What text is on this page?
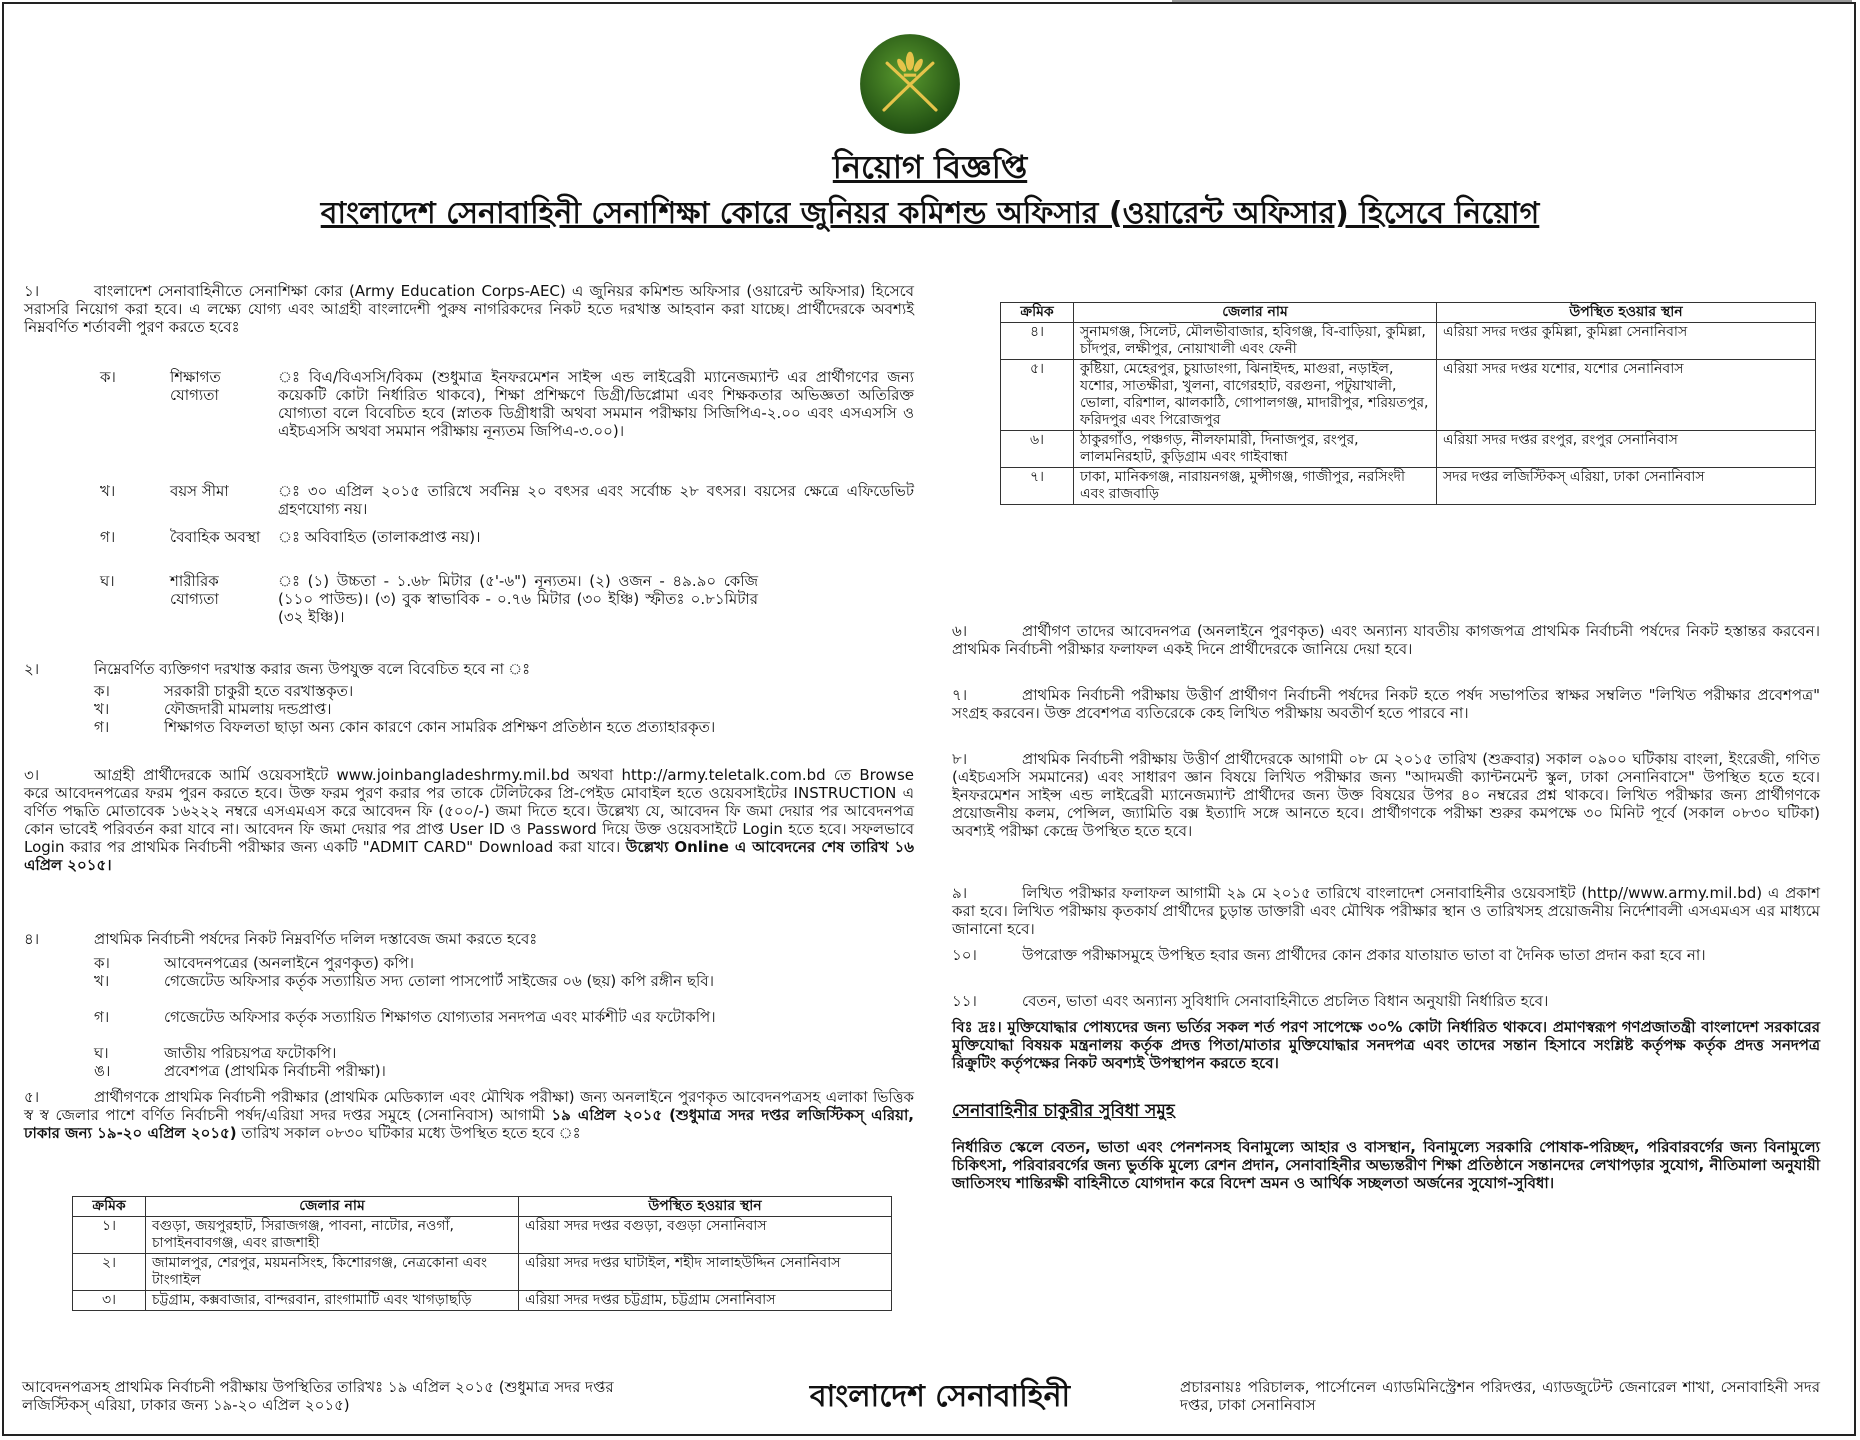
নিয়োগ বিজ্ঞপ্তি
বাংলাদেশ সেনাবাহিনী সেনাশিক্ষা কোরে জুনিয়র কমিশন্ড অফিসার (ওয়ারেন্ট অফিসার) হিসেবে নিয়োগ
১।	বাংলাদেশ সেনাবাহিনীতে সেনাশিক্ষা কোর (Army Education Corps-AEC) এ জুনিয়র কমিশন্ড অফিসার (ওয়ারেন্ট অফিসার) হিসেবে সরাসরি নিয়োগ করা হবে। এ লক্ষ্যে যোগ্য এবং আগ্রহী বাংলাদেশী পুরুষ নাগরিকদের নিকট হতে দরখাস্ত আহবান করা যাচ্ছে। প্রার্থীদেরকে অবশ্যই নিম্নবর্ণিত শর্তাবলী পুরণ করতে হবেঃ
ক।	শিক্ষাগত যোগ্যতা
ঃ বিএ/বিএসসি/বিকম (শুধুমাত্র ইনফরমেশন সাইন্স এন্ড লাইব্রেরী ম্যানেজম্যান্ট এর প্রার্থীগণের জন্য কয়েকটি কোটা নির্ধারিত থাকবে), শিক্ষা প্রশিক্ষণে ডিগ্রী/ডিপ্লোমা এবং শিক্ষকতার অভিজ্ঞতা অতিরিক্ত যোগ্যতা বলে বিবেচিত হবে (স্নাতক ডিগ্রীধারী অথবা সমমান পরীক্ষায় সিজিপিএ-২.০০ এবং এসএসসি ও এইচএসসি অথবা সমমান পরীক্ষায় নূন্যতম জিপিএ-৩.০০)।
খ।	বয়স সীমা	ঃ ৩০ এপ্রিল ২০১৫ তারিখে সর্বনিম্ন ২০ বৎসর এবং সর্বোচ্চ ২৮ বৎসর। বয়সের ক্ষেত্রে এফিডেভিট গ্রহণযোগ্য নয়।
গ।	বৈবাহিক অবস্থা	ঃ অবিবাহিত (তালাকপ্রাপ্ত নয়)।
ঘ।	শারীরিক যোগ্যতা
ঃ (১) উচ্চতা - ১.৬৮ মিটার (৫'-৬") নূন্যতম। (২) ওজন - ৪৯.৯০ কেজি (১১০ পাউন্ড)। (৩) বুক স্বাভাবিক - ০.৭৬ মিটার (৩০ ইঞ্চি) স্ফীতঃ ০.৮১মিটার (৩২ ইঞ্চি)।
২।	নিম্নেবর্ণিত ব্যক্তিগণ দরখাস্ত করার জন্য উপযুক্ত বলে বিবেচিত হবে না ঃ
ক।	সরকারী চাকুরী হতে বরখাস্তকৃত।
খ।	ফৌজদারী মামলায় দন্ডপ্রাপ্ত।
গ।	শিক্ষাগত বিফলতা ছাড়া অন্য কোন কারণে কোন সামরিক প্রশিক্ষণ প্রতিষ্ঠান হতে প্রত্যাহারকৃত।
৩।	আগ্রহী প্রার্থীদেরকে আর্মি ওয়েবসাইটে www.joinbangladeshrmy.mil.bd অথবা http://army.teletalk.com.bd তে Browse করে আবেদনপত্রের ফরম পুরন করতে হবে। উক্ত ফরম পুরণ করার পর তাকে টেলিটকের প্রি-পেইড মোবাইল হতে ওয়েবসাইটের INSTRUCTION এ বর্ণিত পদ্ধতি মোতাবেক ১৬২২২ নম্বরে এসএমএস করে আবেদন ফি (৫০০/-) জমা দিতে হবে। উল্লেখ্য যে, আবেদন ফি জমা দেয়ার পর আবেদনপত্র কোন ভাবেই পরিবর্তন করা যাবে না। আবেদন ফি জমা দেয়ার পর প্রাপ্ত User ID ও Password দিয়ে উক্ত ওয়েবসাইটে Login হতে হবে। সফলভাবে Login করার পর প্রাথমিক নির্বাচনী পরীক্ষার জন্য একটি "ADMIT CARD" Download করা যাবে। উল্লেখ্য Online এ আবেদনের শেষ তারিখ ১৬ এপ্রিল ২০১৫।
৪।	প্রাথমিক নির্বাচনী পর্ষদের নিকট নিম্নবর্ণিত দলিল দস্তাবেজ জমা করতে হবেঃ
ক।	আবেদনপত্রের (অনলাইনে পুরণকৃত) কপি।
খ।	গেজেটেড অফিসার কর্তৃক সত্যায়িত সদ্য তোলা পাসপোর্ট সাইজের ০৬ (ছয়) কপি রঙ্গীন ছবি।
গ।	গেজেটেড অফিসার কর্তৃক সত্যায়িত শিক্ষাগত যোগ্যতার সনদপত্র এবং মার্কশীট এর ফটোকপি।
ঘ।	জাতীয় পরিচয়পত্র ফটোকপি।
ঙ।	প্রবেশপত্র (প্রাথমিক নির্বাচনী পরীক্ষা)।
৫।	প্রার্থীগণকে প্রাথমিক নির্বাচনী পরীক্ষার (প্রাথমিক মেডিক্যাল এবং মৌখিক পরীক্ষা) জন্য অনলাইনে পুরণকৃত আবেদনপত্রসহ এলাকা ভিত্তিক স্ব স্ব জেলার পাশে বর্ণিত নির্বাচনী পর্ষদ/এরিয়া সদর দপ্তর সমুহে (সেনানিবাস) আগামী ১৯ এপ্রিল ২০১৫ (শুধুমাত্র সদর দপ্তর লজিস্টিকস্ এরিয়া, ঢাকার জন্য ১৯-২০ এপ্রিল ২০১৫) তারিখ সকাল ০৮৩০ ঘটিকার মধ্যে উপস্থিত হতে হবে ঃ
ক্রমিক	জেলার নাম	উপস্থিত হওয়ার স্থান
১।	বগুড়া, জয়পুরহাট, সিরাজগঞ্জ, পাবনা, নাটোর, নওগাঁ, চাপাইনবাবগঞ্জ, এবং রাজশাহী	এরিয়া সদর দপ্তর বগুড়া, বগুড়া সেনানিবাস
২।	জামালপুর, শেরপুর, ময়মনসিংহ, কিশোরগঞ্জ, নেত্রকোনা এবং টাংগাইল	এরিয়া সদর দপ্তর ঘাটাইল, শহীদ সালাহউদ্দিন সেনানিবাস
৩।	চট্টগ্রাম, কক্সবাজার, বান্দরবান, রাংগামাটি এবং খাগড়াছড়ি	এরিয়া সদর দপ্তর চট্টগ্রাম, চট্টগ্রাম সেনানিবাস
ক্রমিক	জেলার নাম	উপস্থিত হওয়ার স্থান
৪।	সুনামগঞ্জ, সিলেট, মৌলভীবাজার, হবিগঞ্জ, বি-বাড়িয়া, কুমিল্লা, চাঁদপুর, লক্ষীপুর, নোয়াখালী এবং ফেনী	এরিয়া সদর দপ্তর কুমিল্লা, কুমিল্লা সেনানিবাস
৫।	কুষ্টিয়া, মেহেরপুর, চুয়াডাংগা, ঝিনাইদহ, মাগুরা, নড়াইল, যশোর, সাতক্ষীরা, খুলনা, বাগেরহাট, বরগুনা, পটুয়াখালী, ভোলা, বরিশাল, ঝালকাঠি, গোপালগঞ্জ, মাদারীপুর, শরিয়তপুর, ফরিদপুর এবং পিরোজপুর	এরিয়া সদর দপ্তর যশোর, যশোর সেনানিবাস
৬।	ঠাকুরগাঁও, পঞ্চগড়, নীলফামারী, দিনাজপুর, রংপুর, লালমনিরহাট, কুড়িগ্রাম এবং গাইবান্ধা	এরিয়া সদর দপ্তর রংপুর, রংপুর সেনানিবাস
৭।	ঢাকা, মানিকগঞ্জ, নারায়নগঞ্জ, মুন্সীগঞ্জ, গাজীপুর, নরসিংদী এবং রাজবাড়ি	সদর দপ্তর লজিস্টিকস্ এরিয়া, ঢাকা সেনানিবাস
৬।	প্রার্থীগণ তাদের আবেদনপত্র (অনলাইনে পুরণকৃত) এবং অন্যান্য যাবতীয় কাগজপত্র প্রাথমিক নির্বাচনী পর্ষদের নিকট হস্তান্তর করবেন। প্রাথমিক নির্বাচনী পরীক্ষার ফলাফল একই দিনে প্রার্থীদেরকে জানিয়ে দেয়া হবে।
৭।	প্রাথমিক নির্বাচনী পরীক্ষায় উত্তীর্ণ প্রার্থীগণ নির্বাচনী পর্ষদের নিকট হতে পর্ষদ সভাপতির স্বাক্ষর সম্বলিত "লিখিত পরীক্ষার প্রবেশপত্র" সংগ্রহ করবেন। উক্ত প্রবেশপত্র ব্যতিরেকে কেহ লিখিত পরীক্ষায় অবতীর্ণ হতে পারবে না।
৮।	প্রাথমিক নির্বাচনী পরীক্ষায় উত্তীর্ণ প্রার্থীদেরকে আগামী ০৮ মে ২০১৫ তারিখ (শুক্রবার) সকাল ০৯০০ ঘটিকায় বাংলা, ইংরেজী, গণিত (এইচএসসি সমমানের) এবং সাধারণ জ্ঞান বিষয়ে লিখিত পরীক্ষার জন্য "আদমজী ক্যান্টনমেন্ট স্কুল, ঢাকা সেনানিবাসে" উপস্থিত হতে হবে। ইনফরমেশন সাইন্স এন্ড লাইব্রেরী ম্যানেজম্যান্ট প্রার্থীদের জন্য উক্ত বিষয়ের উপর ৪০ নম্বরের প্রশ্ন থাকবে। লিখিত পরীক্ষার জন্য প্রার্থীগণকে প্রয়োজনীয় কলম, পেন্সিল, জ্যামিতি বক্স ইত্যাদি সঙ্গে আনতে হবে। প্রার্থীগণকে পরীক্ষা শুরুর কমপক্ষে ৩০ মিনিট পূর্বে (সকাল ০৮৩০ ঘটিকা) অবশ্যই পরীক্ষা কেন্দ্রে উপস্থিত হতে হবে।
৯।	লিখিত পরীক্ষার ফলাফল আগামী ২৯ মে ২০১৫ তারিখে বাংলাদেশ সেনাবাহিনীর ওয়েবসাইট (http//www.army.mil.bd) এ প্রকাশ করা হবে। লিখিত পরীক্ষায় কৃতকার্য প্রার্থীদের চুড়ান্ত ডাক্তারী এবং মৌখিক পরীক্ষার স্থান ও তারিখসহ প্রয়োজনীয় নির্দেশাবলী এসএমএস এর মাধ্যমে জানানো হবে।
১০।	উপরোক্ত পরীক্ষাসমুহে উপস্থিত হবার জন্য প্রার্থীদের কোন প্রকার যাতায়াত ভাতা বা দৈনিক ভাতা প্রদান করা হবে না।
১১।	বেতন, ভাতা এবং অন্যান্য সুবিধাদি সেনাবাহিনীতে প্রচলিত বিধান অনুযায়ী নির্ধারিত হবে।
বিঃ দ্রঃ। মুক্তিযোদ্ধার পোষ্যদের জন্য ভর্তির সকল শর্ত পরণ সাপেক্ষে ৩০% কোটা নির্ধারিত থাকবে। প্রমাণস্বরূপ গণপ্রজাতন্ত্রী বাংলাদেশ সরকারের মুক্তিযোদ্ধা বিষয়ক মন্ত্রনালয় কর্তৃক প্রদত্ত পিতা/মাতার মুক্তিযোদ্ধার সনদপত্র এবং তাদের সন্তান হিসাবে সংশ্লিষ্ট কর্তৃপক্ষ কর্তৃক প্রদত্ত সনদপত্র রিক্রুটিং কর্তৃপক্ষের নিকট অবশ্যই উপস্থাপন করতে হবে।
সেনাবাহিনীর চাকুরীর সুবিধা সমুহ
নির্ধারিত স্কেলে বেতন, ভাতা এবং পেনশনসহ বিনামুল্যে আহার ও বাসস্থান, বিনামুল্যে সরকারি পোষাক-পরিচ্ছদ, পরিবারবর্গের জন্য বিনামুল্যে চিকিৎসা, পরিবারবর্গের জন্য ভুর্তকি মুল্যে রেশন প্রদান, সেনাবাহিনীর অভ্যন্তরীণ শিক্ষা প্রতিষ্ঠানে সন্তানদের লেখাপড়ার সুযোগ, নীতিমালা অনুযায়ী জাতিসংঘ শান্তিরক্ষী বাহিনীতে যোগদান করে বিদেশ ভ্রমন ও আর্থিক সচ্ছলতা অর্জনের সুযোগ-সুবিধা।
আবেদনপত্রসহ প্রাথমিক নির্বাচনী পরীক্ষায় উপস্থিতির তারিখঃ ১৯ এপ্রিল ২০১৫ (শুধুমাত্র সদর দপ্তর লজিস্টিকস্ এরিয়া, ঢাকার জন্য ১৯-২০ এপ্রিল ২০১৫)	বাংলাদেশ সেনাবাহিনী	প্রচারনায়ঃ পরিচালক, পার্সোনেল এ্যাডমিনিস্ট্রেশন পরিদপ্তর, এ্যাডজুটেন্ট জেনারেল শাখা, সেনাবাহিনী সদর দপ্তর, ঢাকা সেনানিবাস
